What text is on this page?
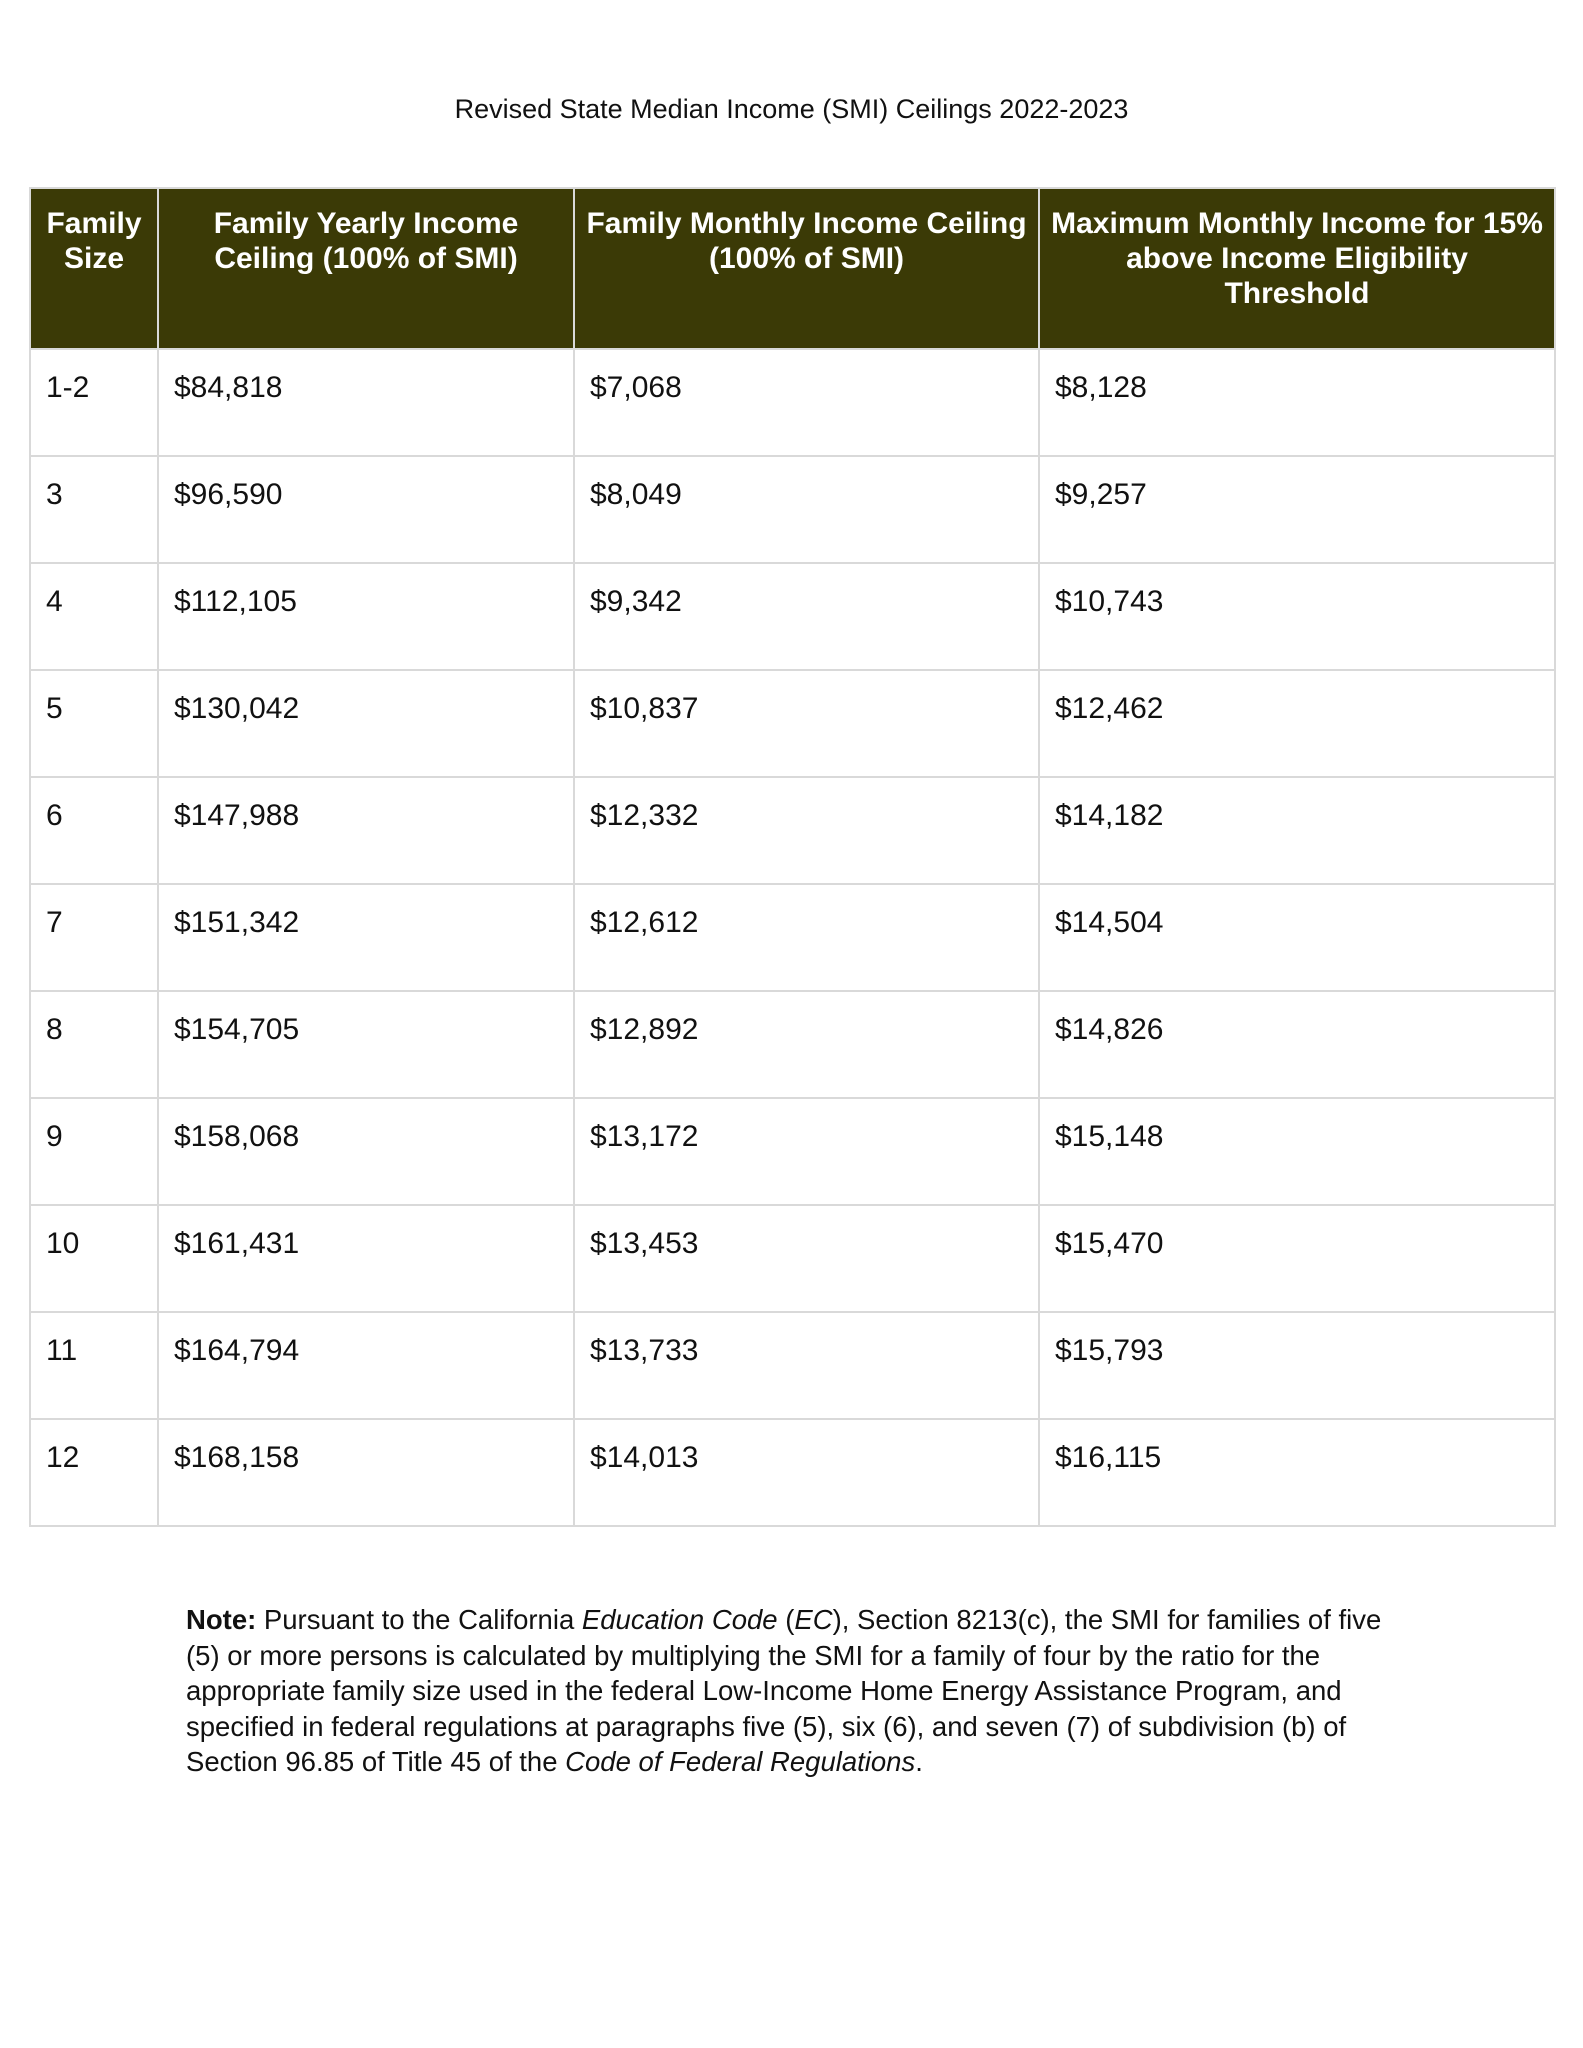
Revised State Median Income (SMI) Ceilings 2022-2023
Family Size	Family Yearly Income Ceiling (100% of SMI)	Family Monthly Income Ceiling (100% of SMI)	Maximum Monthly Income for 15% above Income Eligibility Threshold
1-2	$84,818	$7,068	$8,128
3	$96,590	$8,049	$9,257
4	$112,105	$9,342	$10,743
5	$130,042	$10,837	$12,462
6	$147,988	$12,332	$14,182
7	$151,342	$12,612	$14,504
8	$154,705	$12,892	$14,826
9	$158,068	$13,172	$15,148
10	$161,431	$13,453	$15,470
11	$164,794	$13,733	$15,793
12	$168,158	$14,013	$16,115
Note: Pursuant to the California Education Code (EC), Section 8213(c), the SMI for families of five (5) or more persons is calculated by multiplying the SMI for a family of four by the ratio for the appropriate family size used in the federal Low-Income Home Energy Assistance Program, and specified in federal regulations at paragraphs five (5), six (6), and seven (7) of subdivision (b) of Section 96.85 of Title 45 of the Code of Federal Regulations.
